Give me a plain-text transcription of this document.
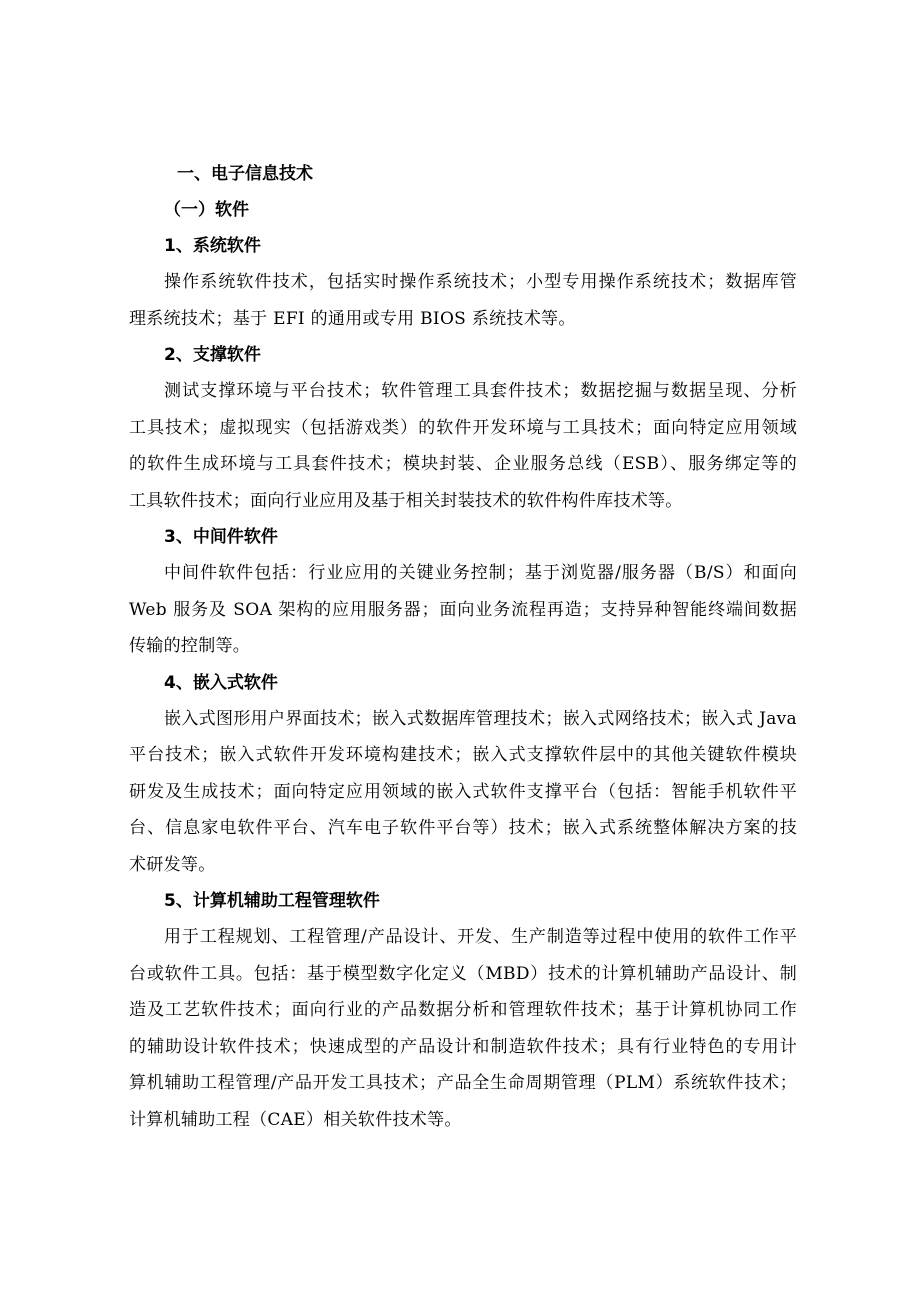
一、电子信息技术
（一）软件
1、系统软件
操作系统软件技术，包括实时操作系统技术；小型专用操作系统技术；数据库管
理系统技术；基于 EFI 的通用或专用 BIOS 系统技术等。
2、支撑软件
测试支撑环境与平台技术；软件管理工具套件技术；数据挖掘与数据呈现、分析
工具技术；虚拟现实（包括游戏类）的软件开发环境与工具技术；面向特定应用领域
的软件生成环境与工具套件技术；模块封装、企业服务总线（ESB）、服务绑定等的
工具软件技术；面向行业应用及基于相关封装技术的软件构件库技术等。
3、中间件软件
中间件软件包括：行业应用的关键业务控制；基于浏览器/服务器（B/S）和面向
Web 服务及 SOA 架构的应用服务器；面向业务流程再造；支持异种智能终端间数据
传输的控制等。
4、嵌入式软件
嵌入式图形用户界面技术；嵌入式数据库管理技术；嵌入式网络技术；嵌入式 Java
平台技术；嵌入式软件开发环境构建技术；嵌入式支撑软件层中的其他关键软件模块
研发及生成技术；面向特定应用领域的嵌入式软件支撑平台（包括：智能手机软件平
台、信息家电软件平台、汽车电子软件平台等）技术；嵌入式系统整体解决方案的技
术研发等。
5、计算机辅助工程管理软件
用于工程规划、工程管理/产品设计、开发、生产制造等过程中使用的软件工作平
台或软件工具。包括：基于模型数字化定义（MBD）技术的计算机辅助产品设计、制
造及工艺软件技术；面向行业的产品数据分析和管理软件技术；基于计算机协同工作
的辅助设计软件技术；快速成型的产品设计和制造软件技术；具有行业特色的专用计
算机辅助工程管理/产品开发工具技术；产品全生命周期管理（PLM）系统软件技术；
计算机辅助工程（CAE）相关软件技术等。
